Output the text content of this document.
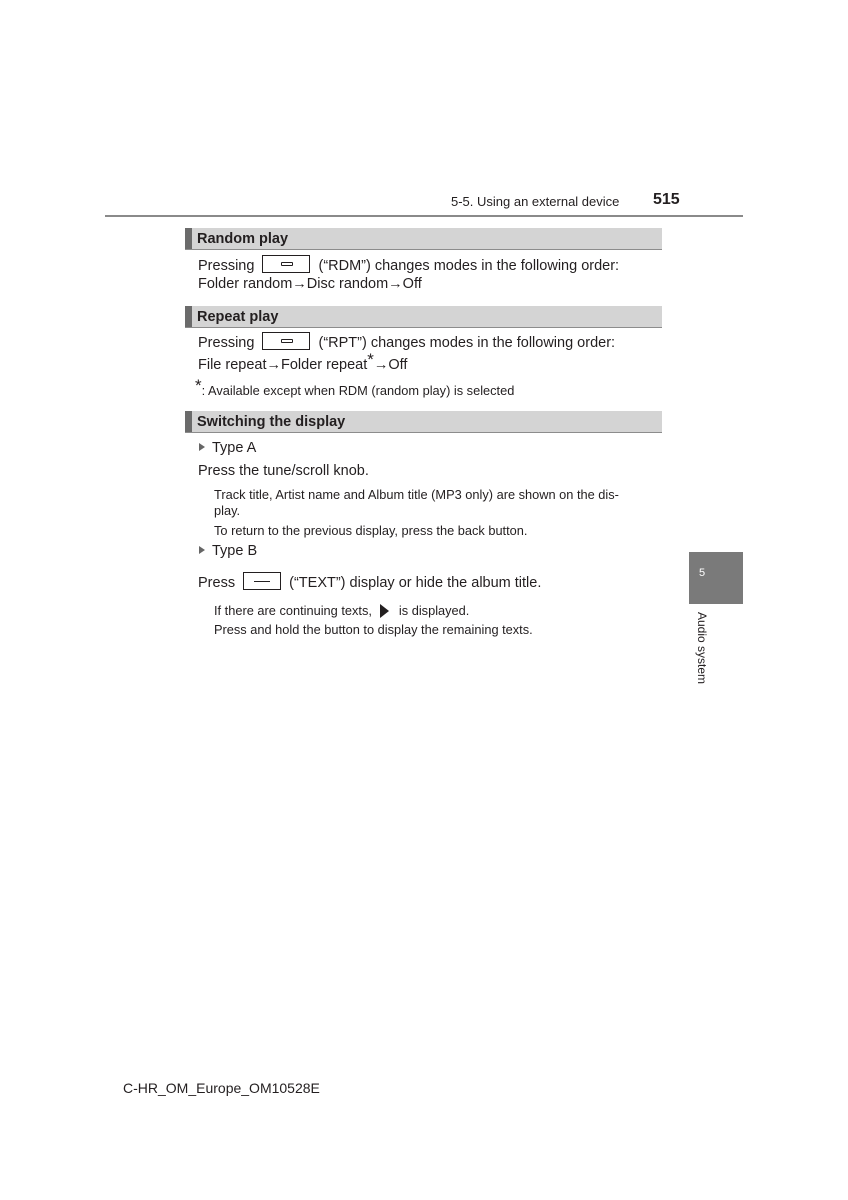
5-5. Using an external device 515
Random play
Pressing	(“RDM”) changes modes in the following order:
Folder random→Disc random→Off
Repeat play
Pressing	(“RPT”) changes modes in the following order:
File repeat→Folder repeat*→Off
*: Available except when RDM (random play) is selected
Switching the display
Type A
Press the tune/scroll knob.
Track title, Artist name and Album title (MP3 only) are shown on the dis-
play.
To return to the previous display, press the back button.
Type B
Press	(“TEXT”) display or hide the album title.
If there are continuing texts, is displayed.
Press and hold the button to display the remaining texts.
5
Audio system
C-HR_OM_Europe_OM10528E
